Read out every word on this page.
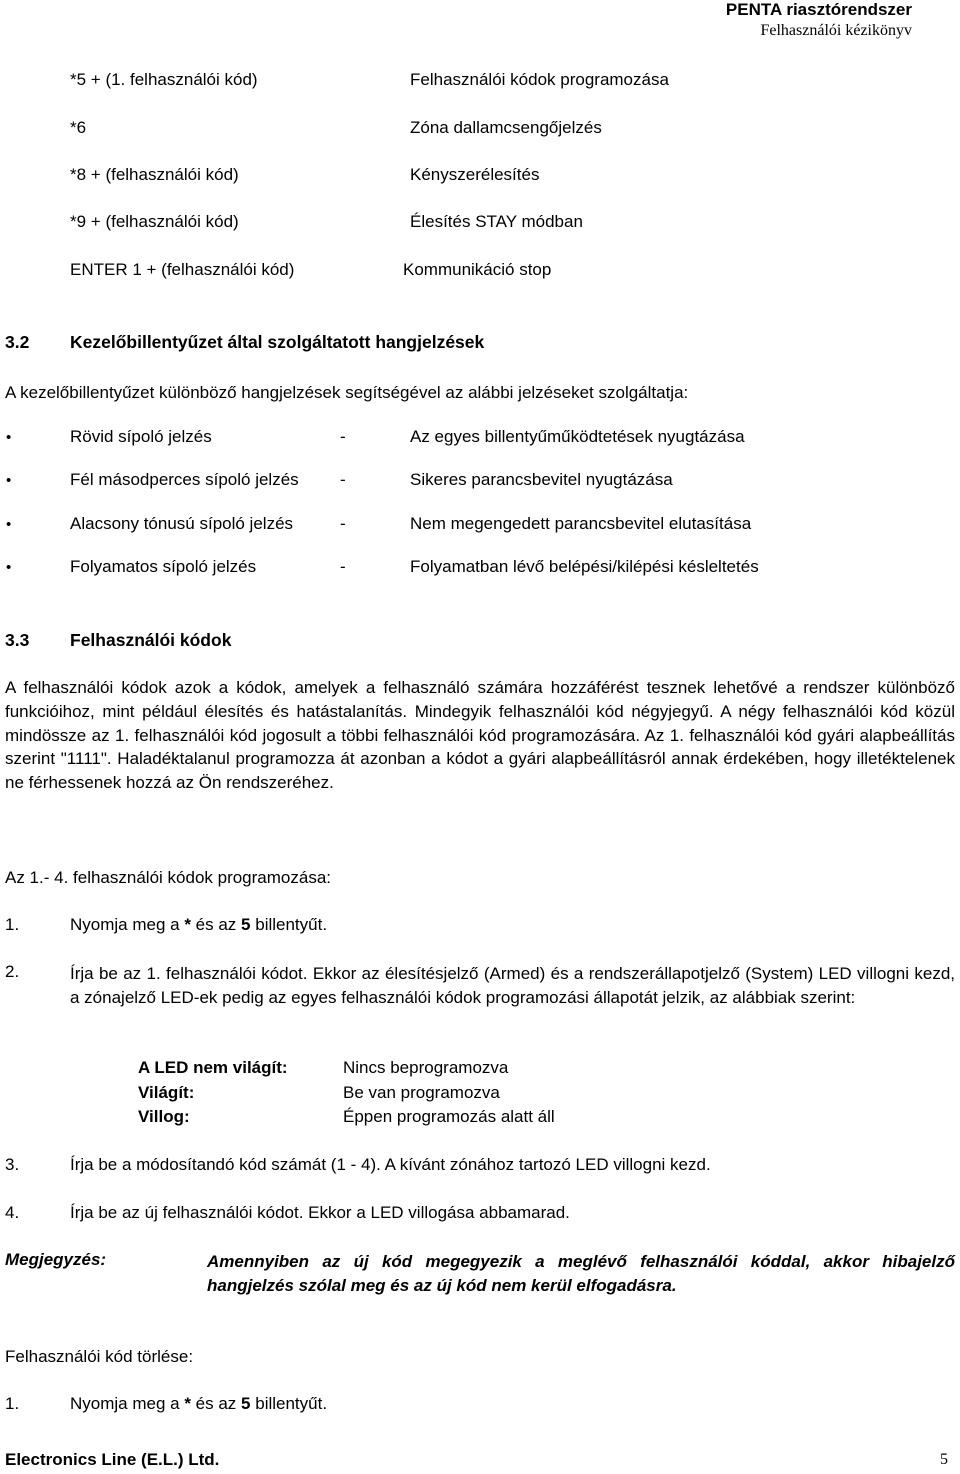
PENTA riasztórendszer
Felhasználói kézikönyv
*5 + (1. felhasználói kód)	Felhasználói kódok programozása
*6	Zóna dallamcsengőjelzés
*8 + (felhasználói kód)	Kényszerélesítés
*9 + (felhasználói kód)	Élesítés STAY módban
ENTER 1 + (felhasználói kód)	Kommunikáció stop
3.2 Kezelőbillentyűzet által szolgáltatott hangjelzések
A kezelőbillentyűzet különböző hangjelzések segítségével az alábbi jelzéseket szolgáltatja:
•	Rövid sípoló jelzés	-	Az egyes billentyűműködtetések nyugtázása
•	Fél másodperces sípoló jelzés -	Sikeres parancsbevitel nyugtázása
•	Alacsony tónusú sípoló jelzés	-	Nem megengedett parancsbevitel elutasítása
•	Folyamatos sípoló jelzés	-	Folyamatban lévő belépési/kilépési késleltetés
3.3 Felhasználói kódok
A felhasználói kódok azok a kódok, amelyek a felhasználó számára hozzáférést tesznek lehetővé a rendszer különböző funkcióihoz, mint például élesítés és hatástalanítás. Mindegyik felhasználói kód négyjegyű. A négy felhasználói kód közül mindössze az 1. felhasználói kód jogosult a többi felhasználói kód programozására. Az 1. felhasználói kód gyári alapbeállítás szerint "1111". Haladéktalanul programozza át azonban a kódot a gyári alapbeállításról annak érdekében, hogy illetéktelenek ne férhessenek hozzá az Ön rendszeréhez.
Az 1.- 4. felhasználói kódok programozása:
1.	Nyomja meg a * és az 5 billentyűt.
2.	Írja be az 1. felhasználói kódot. Ekkor az élesítésjelző (Armed) és a rendszerállapotjelző (System) LED villogni kezd, a zónajelző LED-ek pedig az egyes felhasználói kódok programozási állapotát jelzik, az alábbiak szerint:
A LED nem világít:	Nincs beprogramozva
Világít:	Be van programozva
Villog:	Éppen programozás alatt áll
3.	Írja be a módosítandó kód számát (1 - 4). A kívánt zónához tartozó LED villogni kezd.
4.	Írja be az új felhasználói kódot. Ekkor a LED villogása abbamarad.
Megjegyzés:	Amennyiben az új kód megegyezik a meglévő felhasználói kóddal, akkor hibajelző hangjelzés szólal meg és az új kód nem kerül elfogadásra.
Felhasználói kód törlése:
1.	Nyomja meg a * és az 5 billentyűt.
Electronics Line (E.L.) Ltd.	5
